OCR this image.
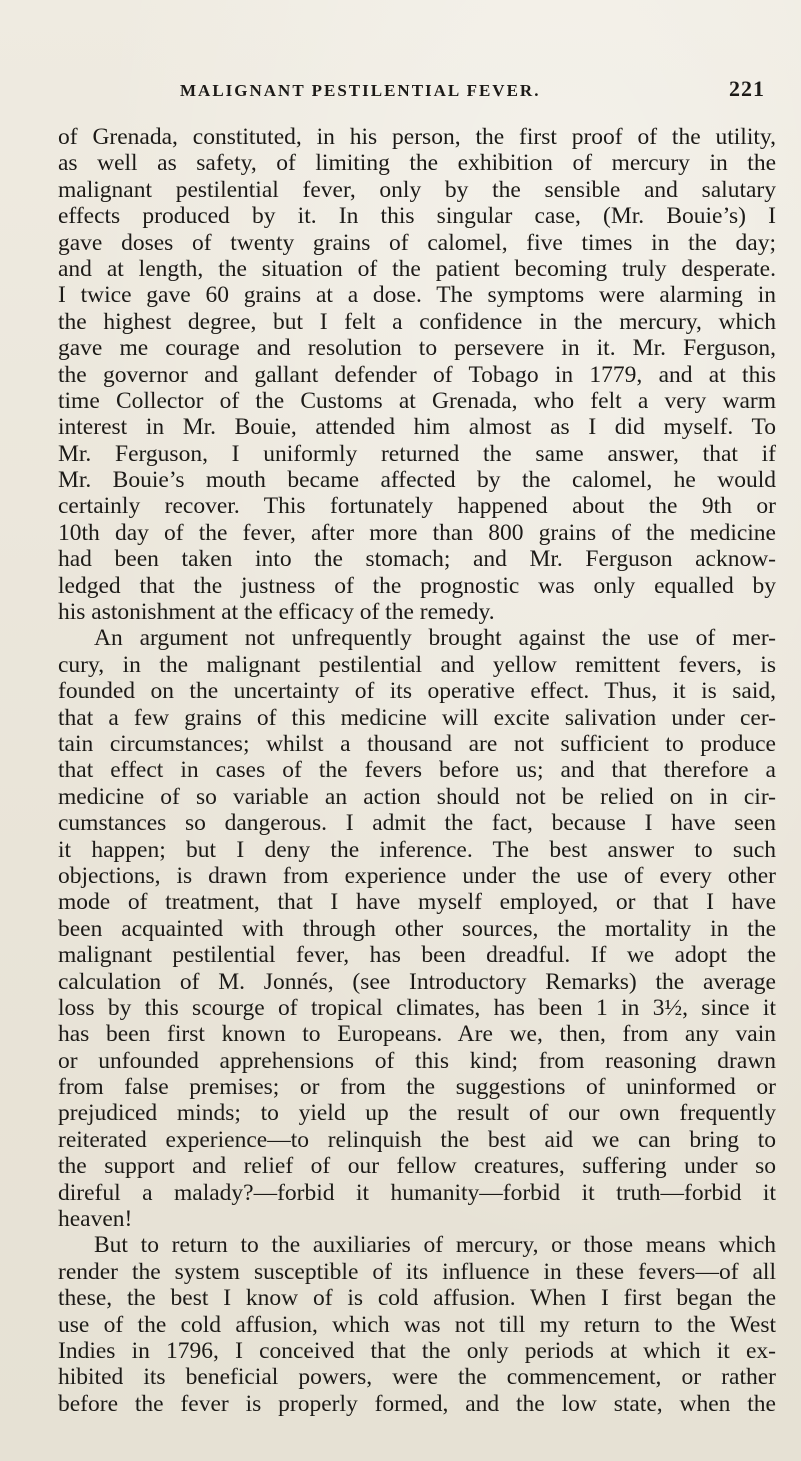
MALIGNANT PESTILENTIAL FEVER.	221
of Grenada, constituted, in his person, the first proof of the utility,
as well as safety, of limiting the exhibition of mercury in the
malignant pestilential fever, only by the sensible and salutary
effects produced by it. In this singular case, (Mr. Bouie’s) I
gave doses of twenty grains of calomel, five times in the day;
and at length, the situation of the patient becoming truly desperate.
I twice gave 60 grains at a dose. The symptoms were alarming in
the highest degree, but I felt a confidence in the mercury, which
gave me courage and resolution to persevere in it. Mr. Ferguson,
the governor and gallant defender of Tobago in 1779, and at this
time Collector of the Customs at Grenada, who felt a very warm
interest in Mr. Bouie, attended him almost as I did myself. To
Mr. Ferguson, I uniformly returned the same answer, that if
Mr. Bouie’s mouth became affected by the calomel, he would
certainly recover. This fortunately happened about the 9th or
10th day of the fever, after more than 800 grains of the medicine
had been taken into the stomach; and Mr. Ferguson acknow-
ledged that the justness of the prognostic was only equalled by
his astonishment at the efficacy of the remedy.
An argument not unfrequently brought against the use of mer-
cury, in the malignant pestilential and yellow remittent fevers, is
founded on the uncertainty of its operative effect. Thus, it is said,
that a few grains of this medicine will excite salivation under cer-
tain circumstances; whilst a thousand are not sufficient to produce
that effect in cases of the fevers before us; and that therefore a
medicine of so variable an action should not be relied on in cir-
cumstances so dangerous. I admit the fact, because I have seen
it happen; but I deny the inference. The best answer to such
objections, is drawn from experience under the use of every other
mode of treatment, that I have myself employed, or that I have
been acquainted with through other sources, the mortality in the
malignant pestilential fever, has been dreadful. If we adopt the
calculation of M. Jonnés, (see Introductory Remarks) the average
loss by this scourge of tropical climates, has been 1 in 3½, since it
has been first known to Europeans. Are we, then, from any vain
or unfounded apprehensions of this kind; from reasoning drawn
from false premises; or from the suggestions of uninformed or
prejudiced minds; to yield up the result of our own frequently
reiterated experience—to relinquish the best aid we can bring to
the support and relief of our fellow creatures, suffering under so
direful a malady?—forbid it humanity—forbid it truth—forbid it
heaven!
But to return to the auxiliaries of mercury, or those means which
render the system susceptible of its influence in these fevers—of all
these, the best I know of is cold affusion. When I first began the
use of the cold affusion, which was not till my return to the West
Indies in 1796, I conceived that the only periods at which it ex-
hibited its beneficial powers, were the commencement, or rather
before the fever is properly formed, and the low state, when the
